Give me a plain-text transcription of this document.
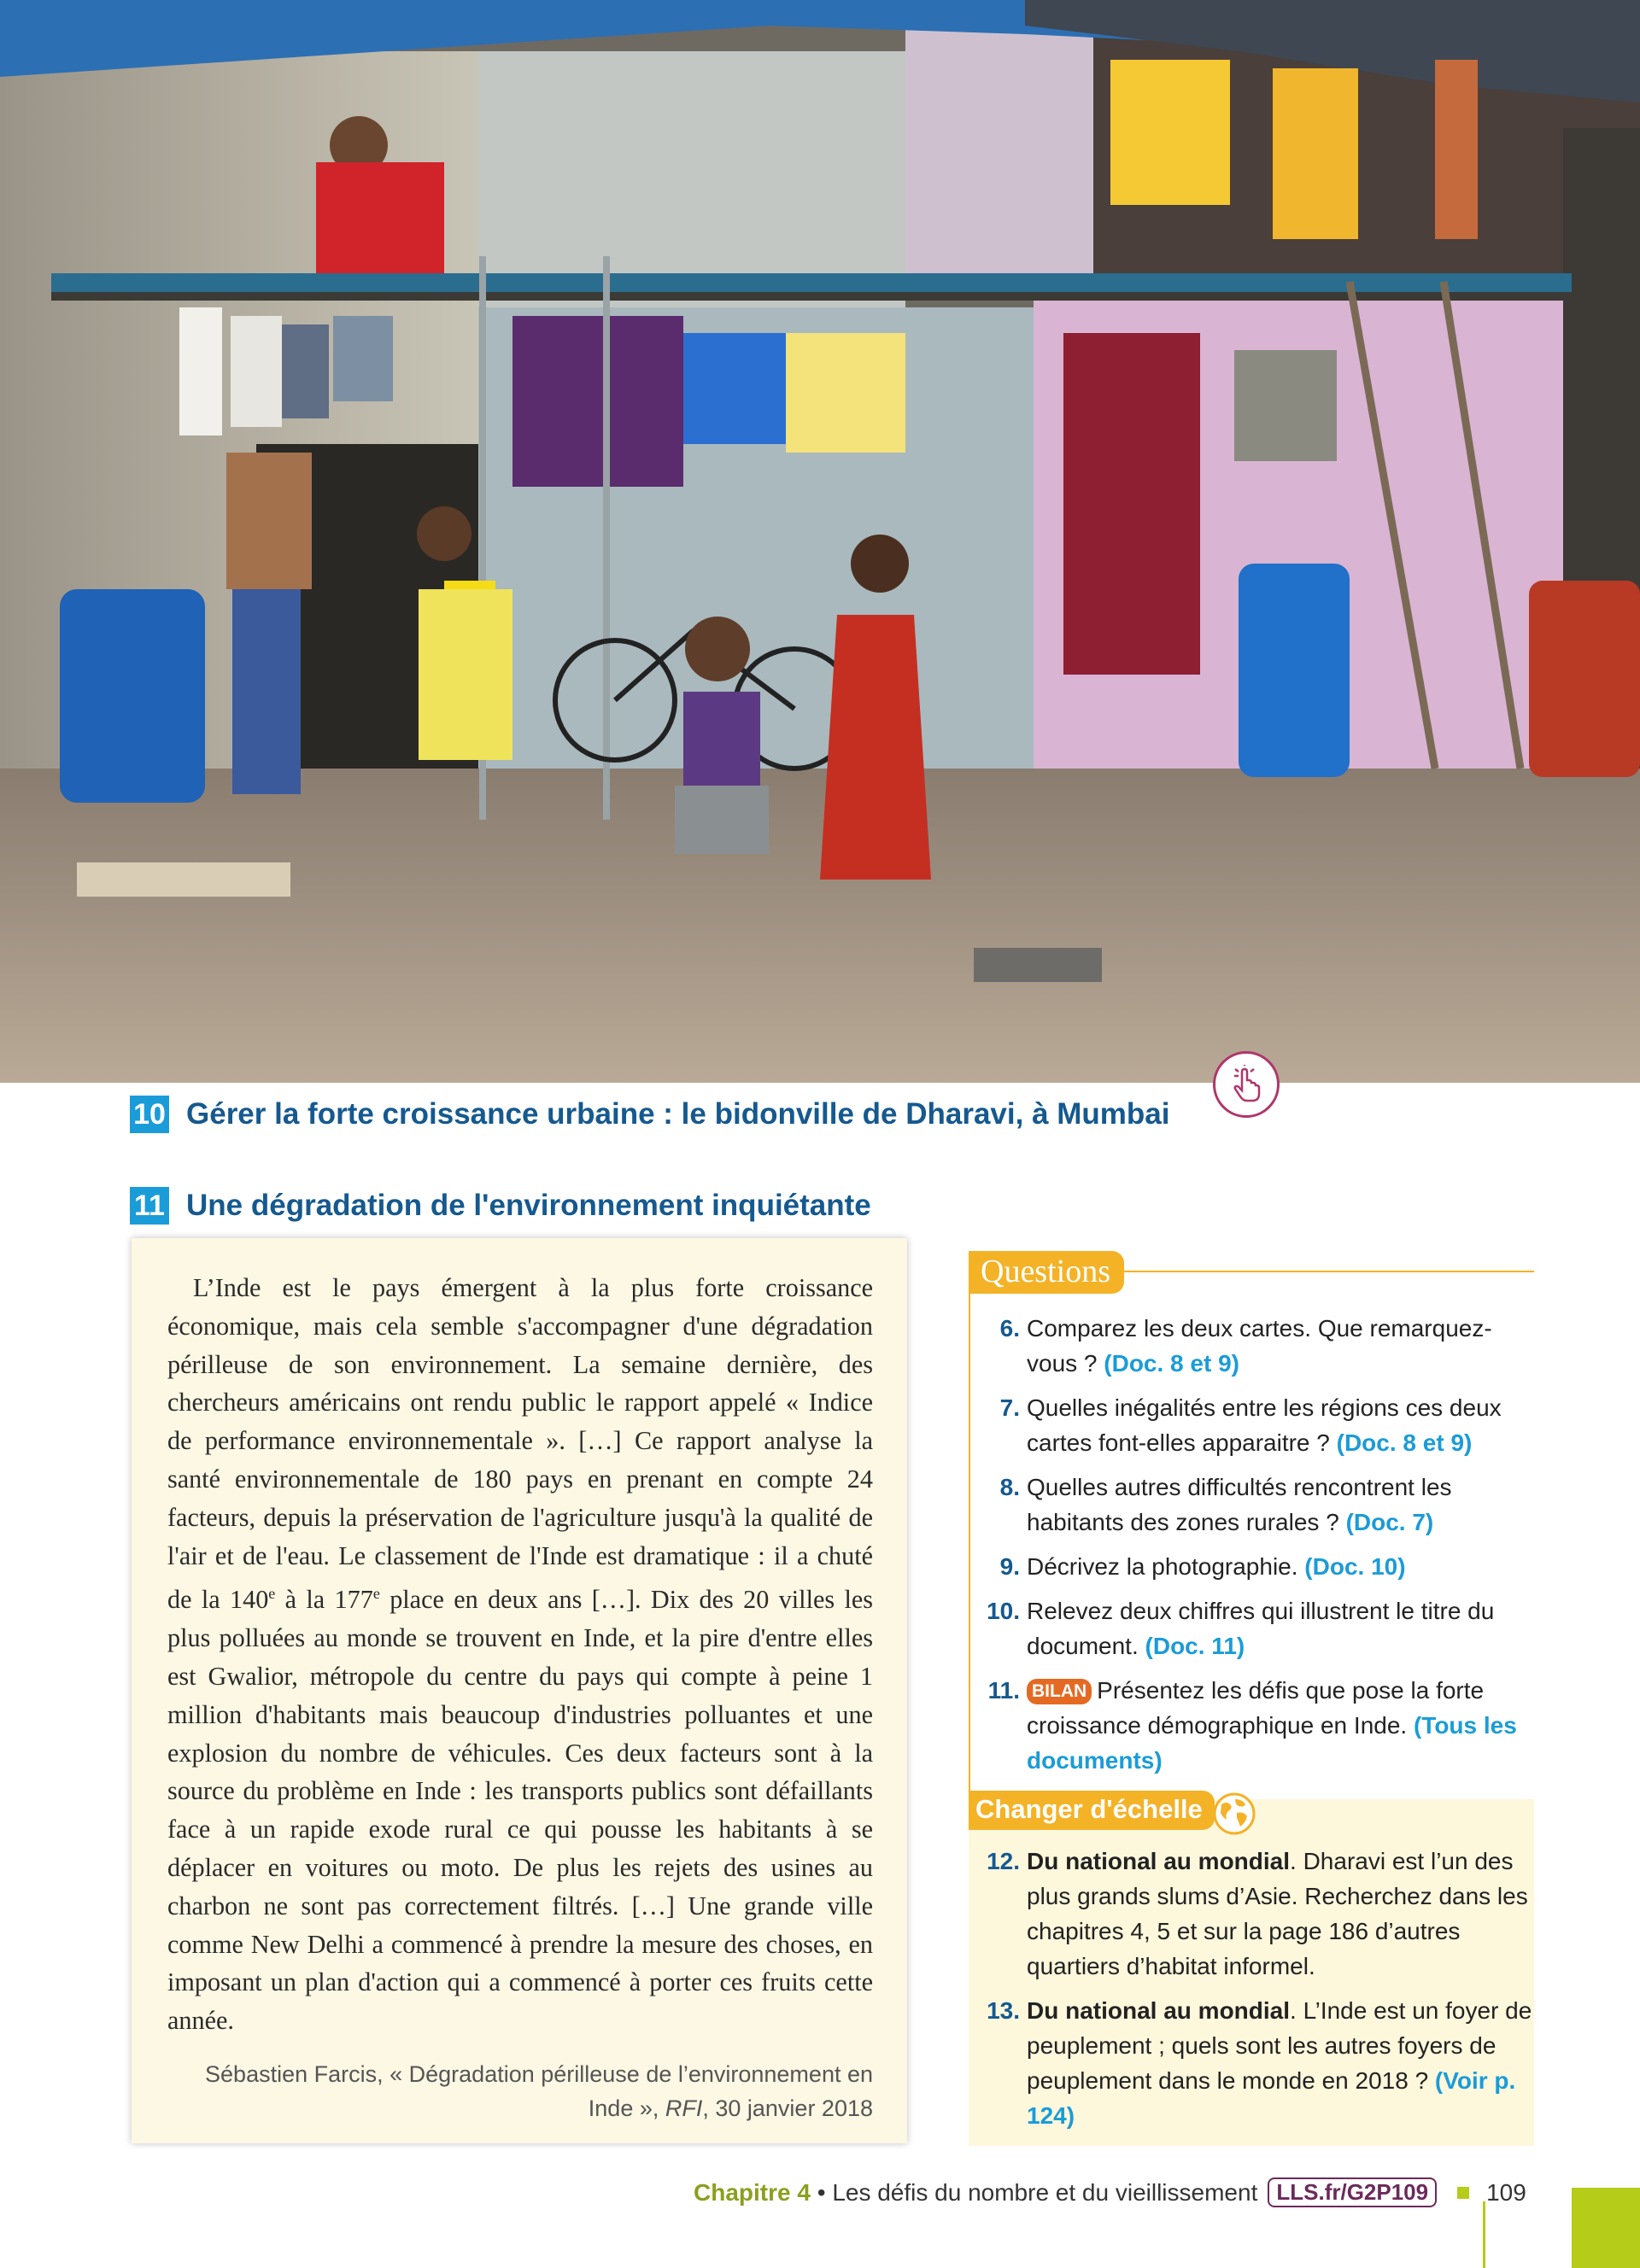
10 Gérer la forte croissance urbaine : le bidonville de Dharavi, à Mumbai
11 Une dégradation de l'environnement inquiétante

L’Inde est le pays émergent à la plus forte croissance économique, mais cela semble s'accompagner d'une dégradation périlleuse de son environnement. La semaine dernière, des chercheurs américains ont rendu public le rapport appelé « Indice de performance environnementale ». […] Ce rapport analyse la santé environnementale de 180 pays en prenant en compte 24 facteurs, depuis la préservation de l'agriculture jusqu'à la qualité de l'air et de l'eau. Le classement de l'Inde est dramatique : il a chuté de la 140e à la 177e place en deux ans […]. Dix des 20 villes les plus polluées au monde se trouvent en Inde, et la pire d'entre elles est Gwalior, métropole du centre du pays qui compte à peine 1 million d'habitants mais beaucoup d'industries polluantes et une explosion du nombre de véhicules. Ces deux facteurs sont à la source du problème en Inde : les transports publics sont défaillants face à un rapide exode rural ce qui pousse les habitants à se déplacer en voitures ou moto. De plus les rejets des usines au charbon ne sont pas correctement filtrés. […] Une grande ville comme New Delhi a commencé à prendre la mesure des choses, en imposant un plan d'action qui a commencé à porter ces fruits cette année.

Sébastien Farcis, « Dégradation périlleuse de l’environnement en Inde », RFI, 30 janvier 2018
Questions
6. Comparez les deux cartes. Que remarquez-vous ? (Doc. 8 et 9)
7. Quelles inégalités entre les régions ces deux cartes font-elles apparaitre ? (Doc. 8 et 9)
8. Quelles autres difficultés rencontrent les habitants des zones rurales ? (Doc. 7)
9. Décrivez la photographie. (Doc. 10)
10. Relevez deux chiffres qui illustrent le titre du document. (Doc. 11)
11. BILAN Présentez les défis que pose la forte croissance démographique en Inde. (Tous les documents)
Changer d'échelle
12. Du national au mondial. Dharavi est l’un des plus grands slums d’Asie. Recherchez dans les chapitres 4, 5 et sur la page 186 d’autres quartiers d’habitat informel.
13. Du national au mondial. L’Inde est un foyer de peuplement ; quels sont les autres foyers de peuplement dans le monde en 2018 ? (Voir p. 124)
Chapitre 4 • Les défis du nombre et du vieillissement LLS.fr/G2P109	109
